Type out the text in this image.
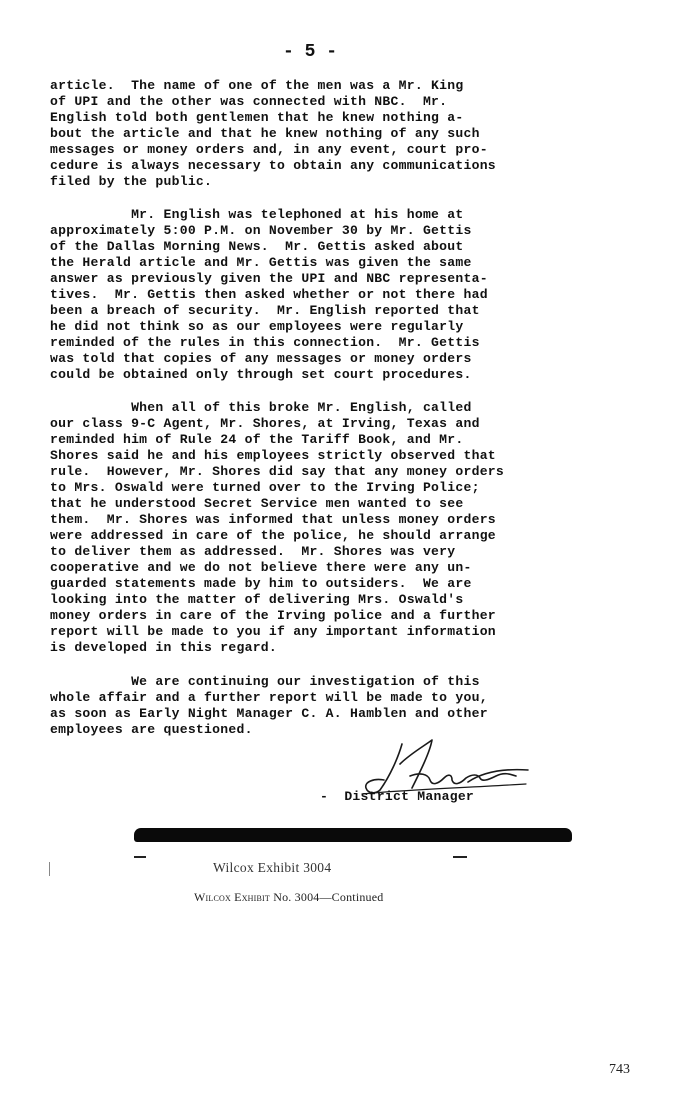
- 5 -

article.  The name of one of the men was a Mr. King

of UPI and the other was connected with NBC.  Mr.

English told both gentlemen that he knew nothing a-

bout the article and that he knew nothing of any such

messages or money orders and, in any event, court pro-

cedure is always necessary to obtain any communications

filed by the public.

Mr. English was telephoned at his home at

approximately 5:00 P.M. on November 30 by Mr. Gettis

of the Dallas Morning News.  Mr. Gettis asked about

the Herald article and Mr. Gettis was given the same

answer as previously given the UPI and NBC representa-

tives.  Mr. Gettis then asked whether or not there had

been a breach of security.  Mr. English reported that

he did not think so as our employees were regularly

reminded of the rules in this connection.  Mr. Gettis

was told that copies of any messages or money orders

could be obtained only through set court procedures.

When all of this broke Mr. English, called

our class 9-C Agent, Mr. Shores, at Irving, Texas and

reminded him of Rule 24 of the Tariff Book, and Mr.

Shores said he and his employees strictly observed that

rule.  However, Mr. Shores did say that any money orders

to Mrs. Oswald were turned over to the Irving Police;

that he understood Secret Service men wanted to see

them.  Mr. Shores was informed that unless money orders

were addressed in care of the police, he should arrange

to deliver them as addressed.  Mr. Shores was very

cooperative and we do not believe there were any un-

guarded statements made by him to outsiders.  We are

looking into the matter of delivering Mrs. Oswald's

money orders in care of the Irving police and a further

report will be made to you if any important information

is developed in this regard.

We are continuing our investigation of this

whole affair and a further report will be made to you,

as soon as Early Night Manager C. A. Hamblen and other

employees are questioned.

-  District Manager
Wilcox Exhibit 3004
Wilcox Exhibit No. 3004—Continued
743
